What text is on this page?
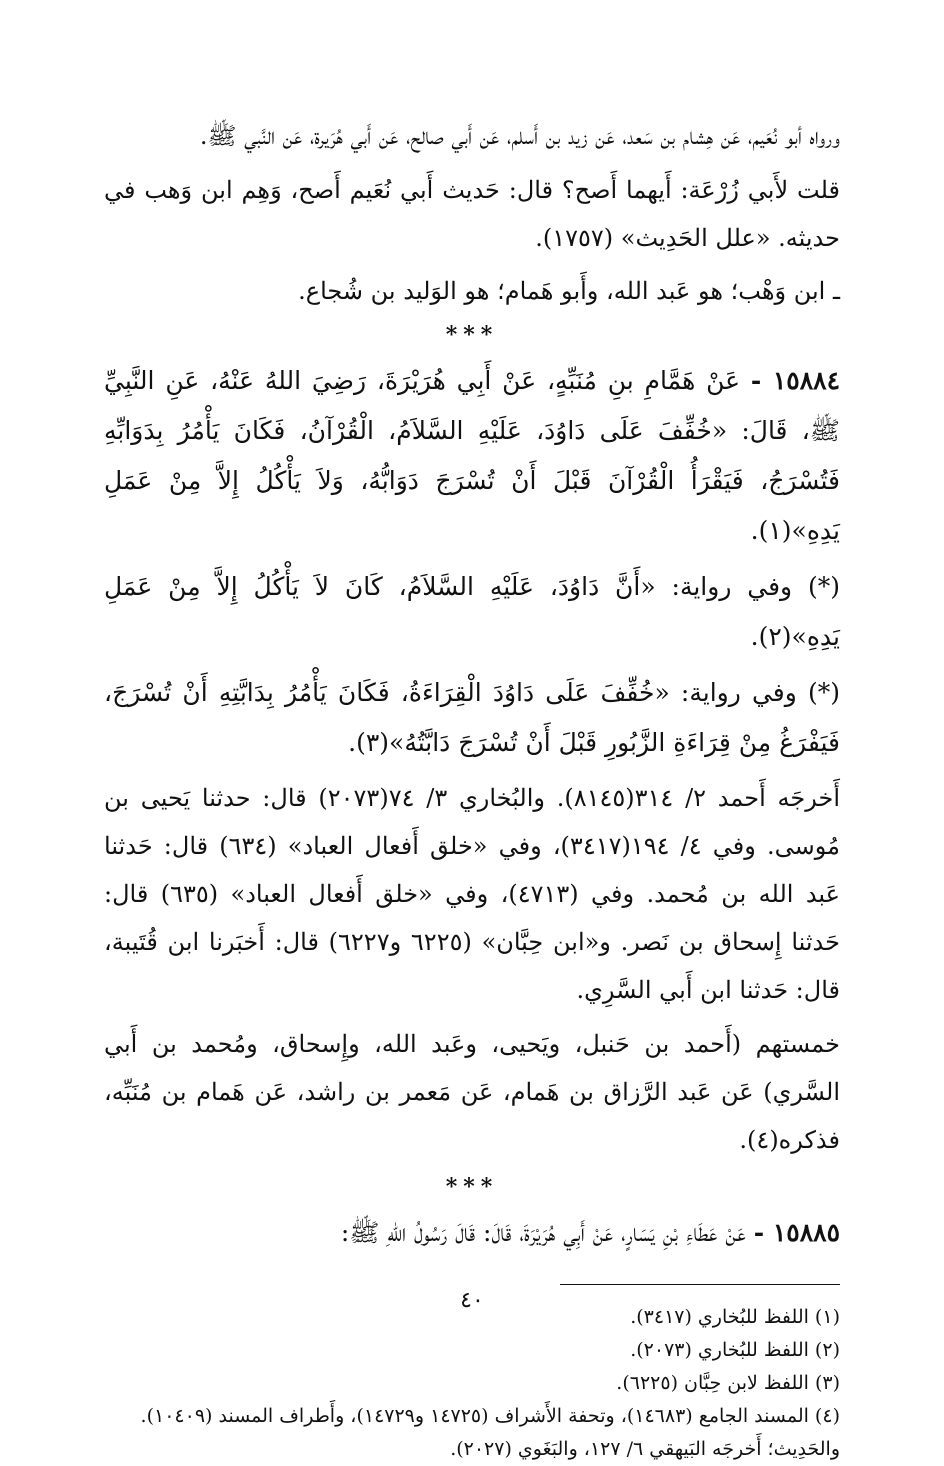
ورواه أبو نُعَيم، عَن هِشام بن سَعد، عَن زيد بن أَسلم، عَن أَبي صالح، عَن أَبي هُرَيرة، عَن النَّبي ﷺ.

قلت لأَبي زُرْعَة: أَيهما أَصح؟ قال: حَديث أَبي نُعَيم أَصح، وَهِم ابن وَهب في حديثه. «علل الحَدِيث» (١٧٥٧).

ـ ابن وَهْب؛ هو عَبد الله، وأَبو هَمام؛ هو الوَليد بن شُجاع.

***

١٥٨٨٤ - عَنْ هَمَّامِ بنِ مُنَبِّهٍ، عَنْ أَبِي هُرَيْرَةَ، رَضِيَ اللهُ عَنْهُ، عَنِ النَّبِيِّ ﷺ، قَالَ: «خُفِّفَ عَلَى دَاوُدَ، عَلَيْهِ السَّلاَمُ، الْقُرْآنُ، فَكَانَ يَأْمُرُ بِدَوَابِّهِ فَتُسْرَجُ، فَيَقْرَأُ الْقُرْآنَ قَبْلَ أَنْ تُسْرَجَ دَوَابُّهُ، وَلاَ يَأْكُلُ إِلاَّ مِنْ عَمَلِ يَدِهِ»(١).

(*) وفي رواية: «أَنَّ دَاوُدَ، عَلَيْهِ السَّلاَمُ، كَانَ لاَ يَأْكُلُ إِلاَّ مِنْ عَمَلِ يَدِهِ»(٢).

(*) وفي رواية: «خُفِّفَ عَلَى دَاوُدَ الْقِرَاءَةُ، فَكَانَ يَأْمُرُ بِدَابَّتِهِ أَنْ تُسْرَجَ، فَيَفْرَغُ مِنْ قِرَاءَةِ الزَّبُورِ قَبْلَ أَنْ تُسْرَجَ دَابَّتُهُ»(٣).

أَخرجَه أَحمد ٢/ ٣١٤(٨١٤٥). والبُخاري ٣/ ٧٤(٢٠٧٣) قال: حدثنا يَحيى بن مُوسى. وفي ٤/ ١٩٤(٣٤١٧)، وفي «خلق أَفعال العباد» (٦٣٤) قال: حَدثنا عَبد الله بن مُحمد. وفي (٤٧١٣)، وفي «خلق أَفعال العباد» (٦٣٥) قال: حَدثنا إِسحاق بن نَصر. و«ابن حِبَّان» (٦٢٢٥ و٦٢٢٧) قال: أَخبَرنا ابن قُتَيبة، قال: حَدثنا ابن أَبي السَّرِي.

خمستهم (أَحمد بن حَنبل، ويَحيى، وعَبد الله، وإِسحاق، ومُحمد بن أَبي السَّري) عَن عَبد الرَّزاق بن هَمام، عَن مَعمر بن راشد، عَن هَمام بن مُنَبِّه، فذكره(٤).

***

١٥٨٨٥ - عَنْ عَطَاءِ بْنِ يَسَارٍ، عَنْ أَبِي هُرَيْرَةَ، قَالَ: قَالَ رَسُولُ اللهِ ﷺ:

(١) اللفظ للبُخاري (٣٤١٧).

(٢) اللفظ للبُخاري (٢٠٧٣).

(٣) اللفظ لابن حِبَّان (٦٢٢٥).

(٤) المسند الجامع (١٤٦٨٣)، وتحفة الأَشراف (١٤٧٢٥ و١٤٧٢٩)، وأَطراف المسند (١٠٤٠٩). والحَدِيث؛ أَخرجَه البَيهقي ٦/ ١٢٧، والبَغَوي (٢٠٢٧).

٤٠
